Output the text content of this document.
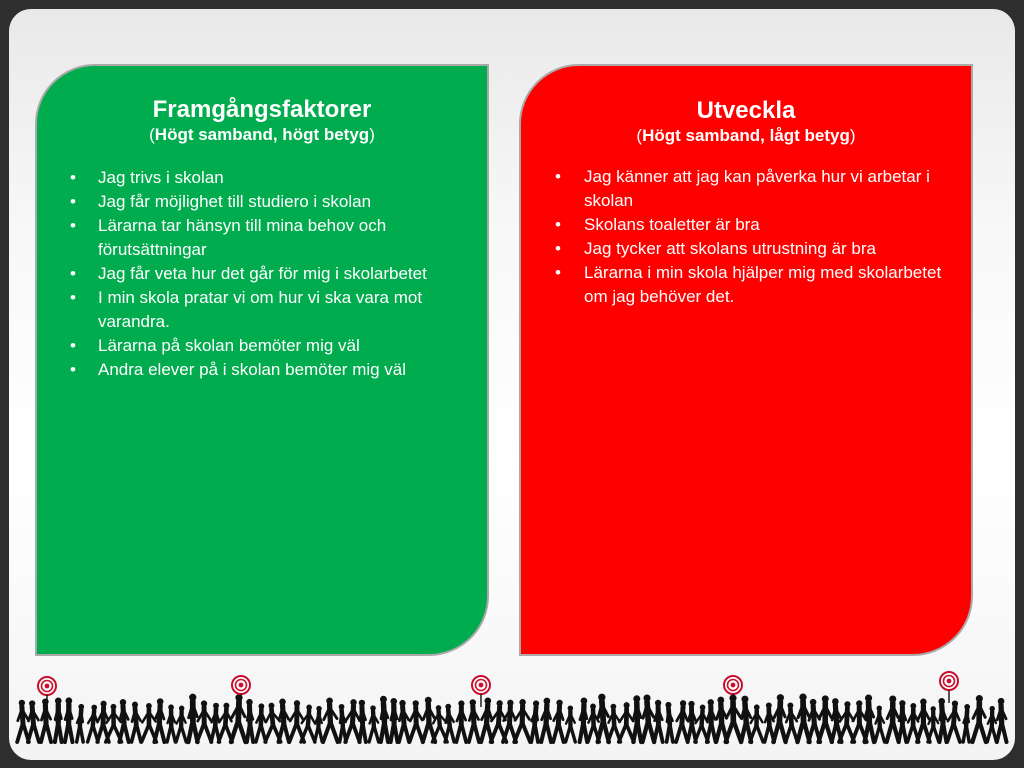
Framgångsfaktorer
(Högt samband, högt betyg)
• Jag trivs i skolan
• Jag får möjlighet till studiero i skolan
• Lärarna tar hänsyn till mina behov och förutsättningar
• Jag får veta hur det går för mig i skolarbetet
• I min skola pratar vi om hur vi ska vara mot varandra.
• Lärarna på skolan bemöter mig väl
• Andra elever på i skolan bemöter mig väl
Utveckla
(Högt samband, lågt betyg)
• Jag känner att jag kan påverka hur vi arbetar i skolan
• Skolans toaletter är bra
• Jag tycker att skolans utrustning är bra
• Lärarna i min skola hjälper mig med skolarbetet om jag behöver det.
